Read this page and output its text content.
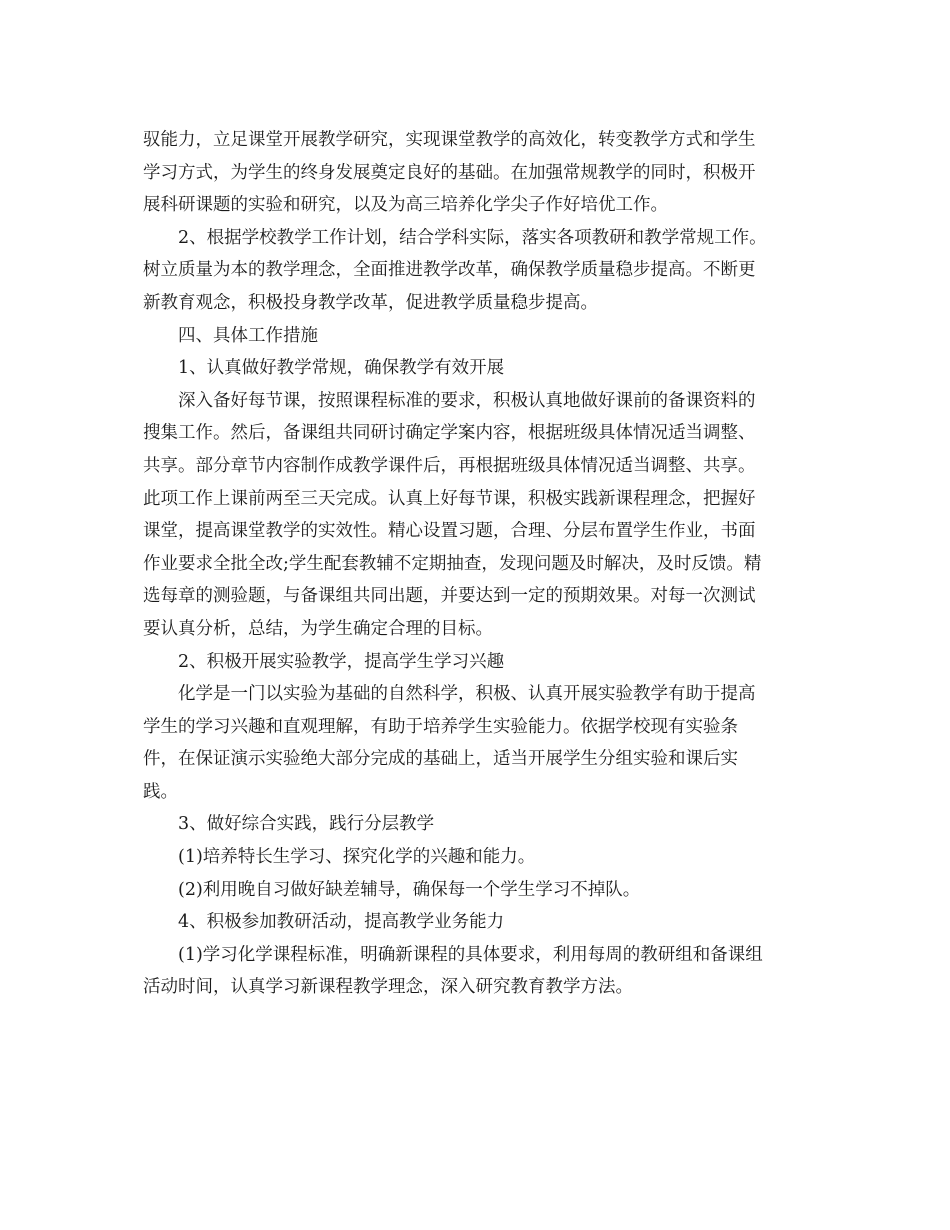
驭能力，立足课堂开展教学研究，实现课堂教学的高效化，转变教学方式和学生
学习方式，为学生的终身发展奠定良好的基础。在加强常规教学的同时，积极开
展科研课题的实验和研究，以及为高三培养化学尖子作好培优工作。
2、根据学校教学工作计划，结合学科实际，落实各项教研和教学常规工作。
树立质量为本的教学理念，全面推进教学改革，确保教学质量稳步提高。不断更
新教育观念，积极投身教学改革，促进教学质量稳步提高。
四、具体工作措施
1、认真做好教学常规，确保教学有效开展
深入备好每节课，按照课程标准的要求，积极认真地做好课前的备课资料的
搜集工作。然后，备课组共同研讨确定学案内容，根据班级具体情况适当调整、
共享。部分章节内容制作成教学课件后，再根据班级具体情况适当调整、共享。
此项工作上课前两至三天完成。认真上好每节课，积极实践新课程理念，把握好
课堂，提高课堂教学的实效性。精心设置习题，合理、分层布置学生作业，书面
作业要求全批全改;学生配套教辅不定期抽查，发现问题及时解决，及时反馈。精
选每章的测验题，与备课组共同出题，并要达到一定的预期效果。对每一次测试
要认真分析，总结，为学生确定合理的目标。
2、积极开展实验教学，提高学生学习兴趣
化学是一门以实验为基础的自然科学，积极、认真开展实验教学有助于提高
学生的学习兴趣和直观理解，有助于培养学生实验能力。依据学校现有实验条
件，在保证演示实验绝大部分完成的基础上，适当开展学生分组实验和课后实
践。
3、做好综合实践，践行分层教学
(1)培养特长生学习、探究化学的兴趣和能力。
(2)利用晚自习做好缺差辅导，确保每一个学生学习不掉队。
4、积极参加教研活动，提高教学业务能力
(1)学习化学课程标准，明确新课程的具体要求，利用每周的教研组和备课组
活动时间，认真学习新课程教学理念，深入研究教育教学方法。
